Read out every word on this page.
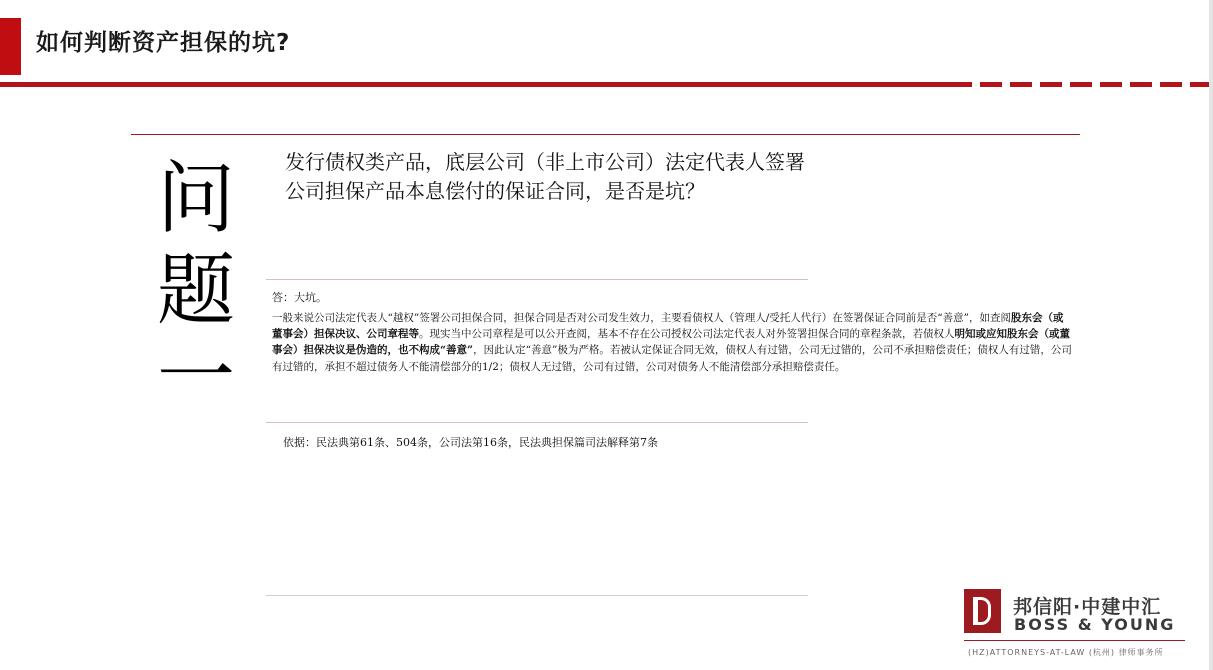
如何判断资产担保的坑?
问
题
一
发行债权类产品，底层公司（非上市公司）法定代表人签署公司担保产品本息偿付的保证合同，是否是坑？
答：大坑。
一般来说公司法定代表人“越权”签署公司担保合同，担保合同是否对公司发生效力，主要看债权人（管理人/受托人代行）在签署保证合同前是否“善意”，如查阅股东会（或董事会）担保决议、公司章程等。现实当中公司章程是可以公开查阅，基本不存在公司授权公司法定代表人对外签署担保合同的章程条款，若债权人明知或应知股东会（或董事会）担保决议是伪造的，也不构成“善意”，因此认定“善意”极为严格。若被认定保证合同无效，债权人有过错，公司无过错的，公司不承担赔偿责任；债权人有过错，公司有过错的，承担不超过债务人不能清偿部分的1/2；债权人无过错，公司有过错，公司对债务人不能清偿部分承担赔偿责任。
依据：民法典第61条、504条，公司法第16条，民法典担保篇司法解释第7条
邦信阳·中建中汇
BOSS & YOUNG
(HZ)ATTORNEYS-AT-LAW (杭州) 律师事务所
